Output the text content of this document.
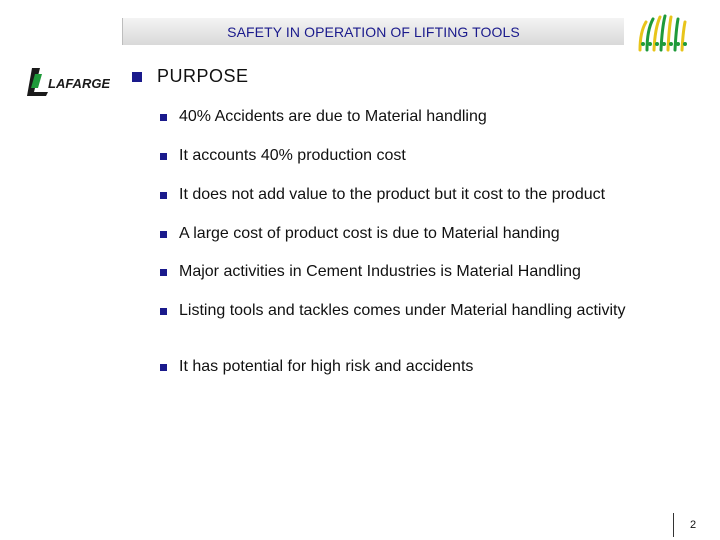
SAFETY IN OPERATION OF LIFTING TOOLS
LAFARGE	PURPOSE
40% Accidents are due to Material handling
It accounts 40% production cost
It does not add value to the product but it cost to the product
A large cost of product cost is due to Material handing
Major activities in Cement Industries is Material Handling
Listing tools and tackles comes under Material handling activity
It has potential for high risk and accidents
2
